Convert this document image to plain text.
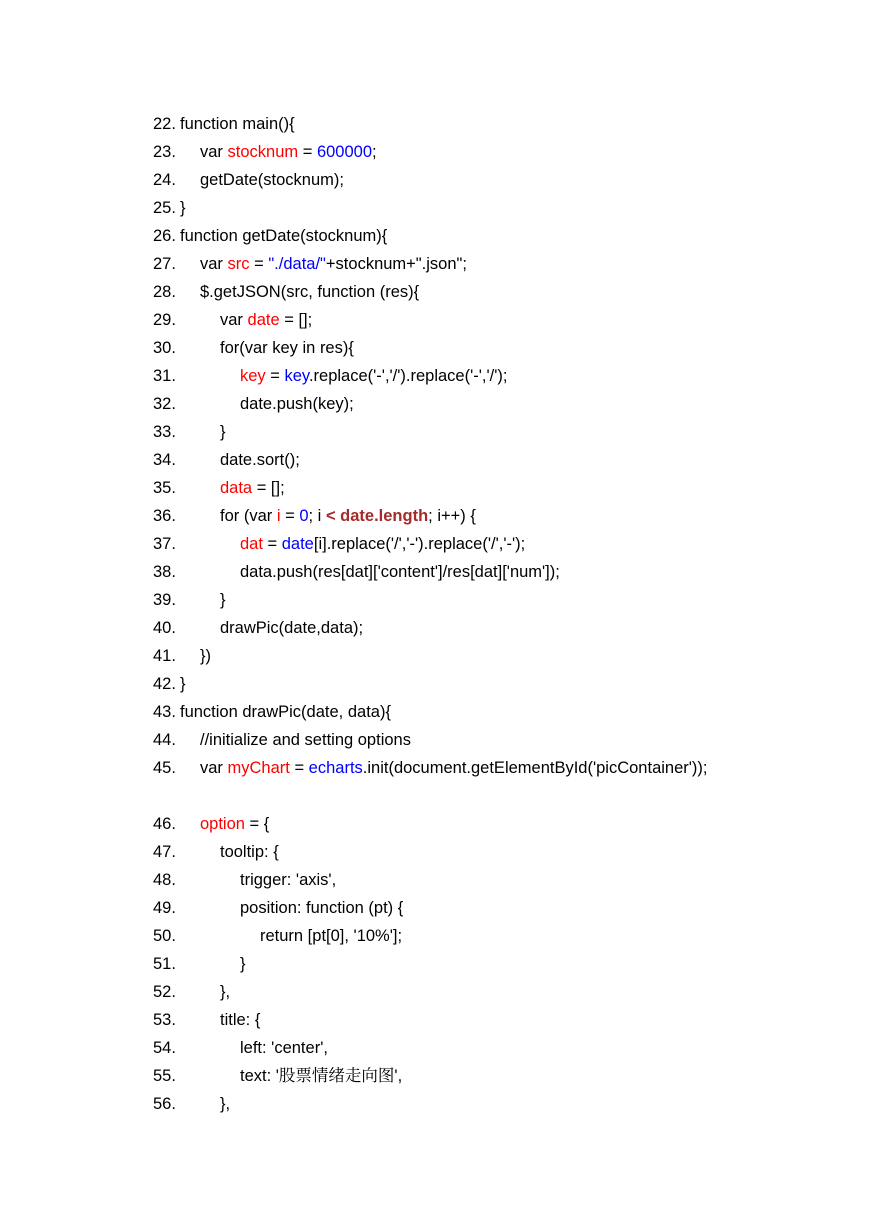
22. function main(){
23.	var stocknum = 600000;
24.	getDate(stocknum);
25. }
26. function getDate(stocknum){
27.	var src = "./data/"+stocknum+".json";
28.	$.getJSON(src, function (res){
29.	var date = [];
30.	for(var key in res){
31.	key = key.replace('-','/').replace('-','/');
32.	date.push(key);
33.	}
34.	date.sort();
35.	data = [];
36.	for (var i = 0; i < date.length; i++) {
37.	dat = date[i].replace('/','-').replace('/','-');
38.	data.push(res[dat]['content']/res[dat]['num']);
39.	}
40.	drawPic(date,data);
41.	})
42. }
43. function drawPic(date, data){
44.	//initialize and setting options
45.	var myChart = echarts.init(document.getElementById('picContainer'));
46.	option = {
47.	tooltip: {
48.	trigger: 'axis',
49.	position: function (pt) {
50.	return [pt[0], '10%'];
51.	}
52.	},
53.	title: {
54.	left: 'center',
55.	text: '股票情绪走向图',
56.	},
